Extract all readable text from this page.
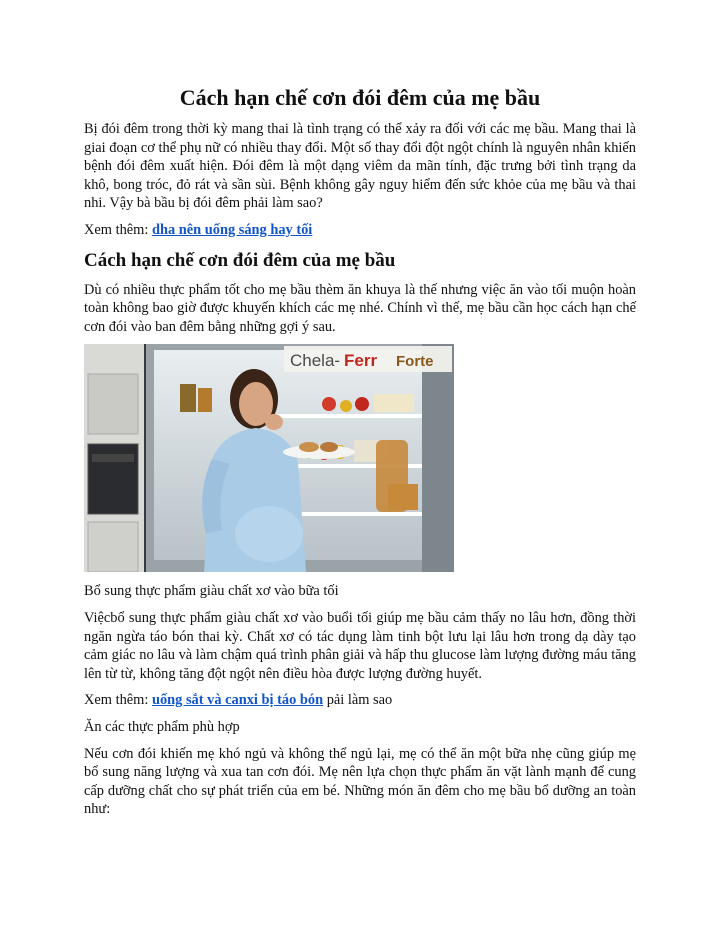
Cách hạn chế cơn đói đêm của mẹ bầu

Bị đói đêm trong thời kỳ mang thai là tình trạng có thể xảy ra đối với các mẹ bầu. Mang thai là giai đoạn cơ thể phụ nữ có nhiều thay đổi. Một số thay đổi đột ngột chính là nguyên nhân khiến bệnh đói đêm xuất hiện. Đói đêm là một dạng viêm da mãn tính, đặc trưng bởi tình trạng da khô, bong tróc, đỏ rát và sần sùi. Bệnh không gây nguy hiểm đến sức khỏe của mẹ bầu và thai nhi. Vậy bà bầu bị đói đêm phải làm sao?

Xem thêm: dha nên uống sáng hay tối

Cách hạn chế cơn đói đêm của mẹ bầu

Dù có nhiều thực phẩm tốt cho mẹ bầu thèm ăn khuya là thế nhưng việc ăn vào tối muộn hoàn toàn không bao giờ được khuyến khích các mẹ nhé. Chính vì thế, mẹ bầu cần học cách hạn chế cơn đói vào ban đêm bằng những gợi ý sau.

Chela- Ferr Forte

Bổ sung thực phẩm giàu chất xơ vào bữa tối

Việcbổ sung thực phẩm giàu chất xơ vào buổi tối giúp mẹ bầu cảm thấy no lâu hơn, đồng thời ngăn ngừa táo bón thai kỳ. Chất xơ có tác dụng làm tinh bột lưu lại lâu hơn trong dạ dày tạo cảm giác no lâu và làm chậm quá trình phân giải và hấp thu glucose làm lượng đường máu tăng lên từ từ, không tăng đột ngột nên điều hòa được lượng đường huyết.

Xem thêm: uống sắt và canxi bị táo bón pải làm sao

Ăn các thực phẩm phù hợp

Nếu cơn đói khiến mẹ khó ngủ và không thể ngủ lại, mẹ có thể ăn một bữa nhẹ cũng giúp mẹ bổ sung năng lượng và xua tan cơn đói. Mẹ nên lựa chọn thực phẩm ăn vặt lành mạnh để cung cấp dưỡng chất cho sự phát triển của em bé. Những món ăn đêm cho mẹ bầu bổ dưỡng an toàn như:
